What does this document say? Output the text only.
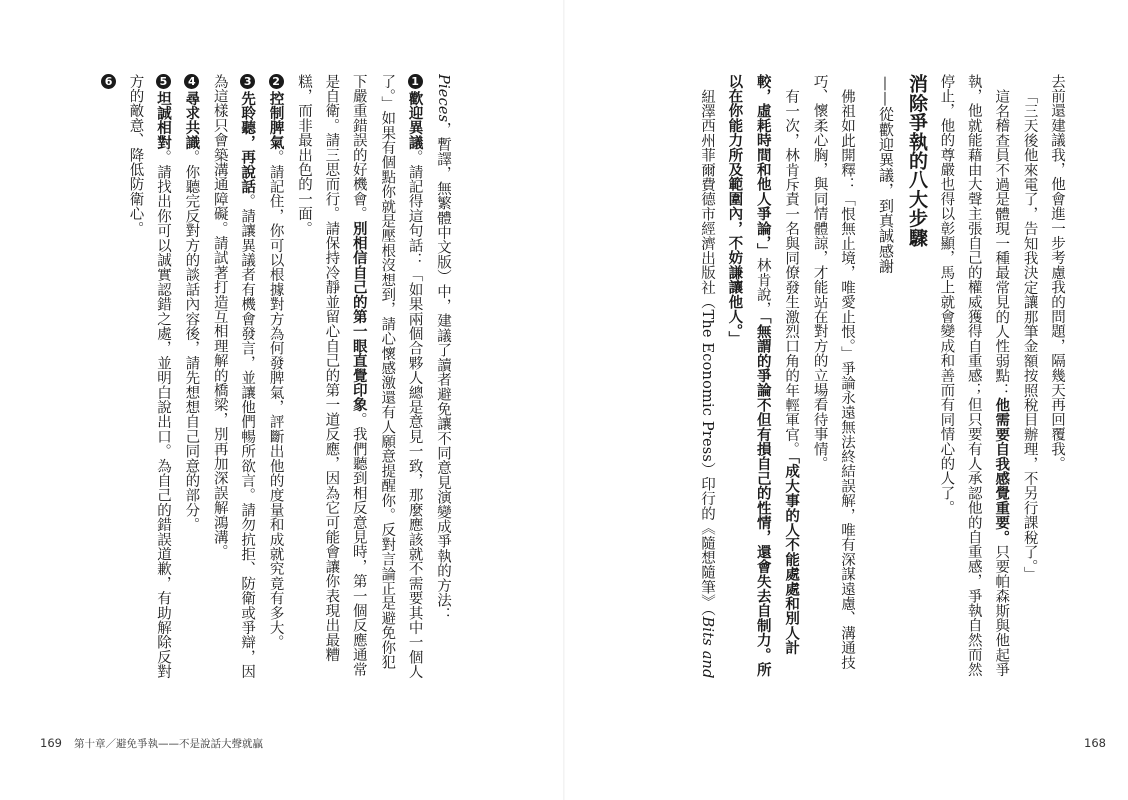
去前還建議我，他會進一步考慮我的問題，隔幾天再回覆我。
「三天後他來電了，告知我決定讓那筆金額按照稅目辦理，不另行課稅了。」
這名稽查員不過是體現一種最常見的人性弱點：他需要自我感覺重要。只要帕森斯與他起爭執，他就能藉由大聲主張自己的權威獲得自重感；但只要有人承認他的自重感，爭執自然而然停止，他的尊嚴也得以彰顯，馬上就會變成和善而有同情心的人了。
消除爭執的八大步驟
——從歡迎異議，到真誠感謝
佛祖如此開釋：「恨無止境，唯愛止恨。」爭論永遠無法終結誤解，唯有深謀遠慮、溝通技巧、懷柔心胸，與同情體諒，才能站在對方的立場看待事情。
有一次，林肯斥責一名與同僚發生激烈口角的年輕軍官。「成大事的人不能處處和別人計較，虛耗時間和他人爭論，」林肯說，「無謂的爭論不但有損自己的性情，還會失去自制力。所以在你能力所及範圍內，不妨謙讓他人。」
紐澤西州菲爾費德市經濟出版社（The Economic Press）印行的《隨想隨筆》（Bits and
168
Pieces，暫譯，無繁體中文版）中，建議了讀者避免讓不同意見演變成爭執的方法：
1歡迎異議。請記得這句話：「如果兩個合夥人總是意見一致，那麼應該就不需要其中一個人了。」如果有個點你就是壓根沒想到，請心懷感激還有人願意提醒你。反對言論正是避免你犯下嚴重錯誤的好機會。別相信自己的第一眼直覺印象。我們聽到相反意見時，第一個反應通常是自衛。請三思而行。請保持冷靜並留心自己的第一道反應，因為它可能會讓你表現出最糟糕，而非最出色的一面。
2控制脾氣。請記住，你可以根據對方為何發脾氣，評斷出他的度量和成就究竟有多大。
3先聆聽，再說話。請讓異議者有機會發言，並讓他們暢所欲言。請勿抗拒、防衛或爭辯，因為這樣只會築溝通障礙。請試著打造互相理解的橋梁，別再加深誤解鴻溝。
4尋求共識。你聽完反對方的談話內容後，請先想想自己同意的部分。
5坦誠相對。請找出你可以誠實認錯之處，並明白說出口。為自己的錯誤道歉，有助解除反對方的敵意、降低防衛心。
6
169 第十章／避免爭執——不是說話大聲就贏
